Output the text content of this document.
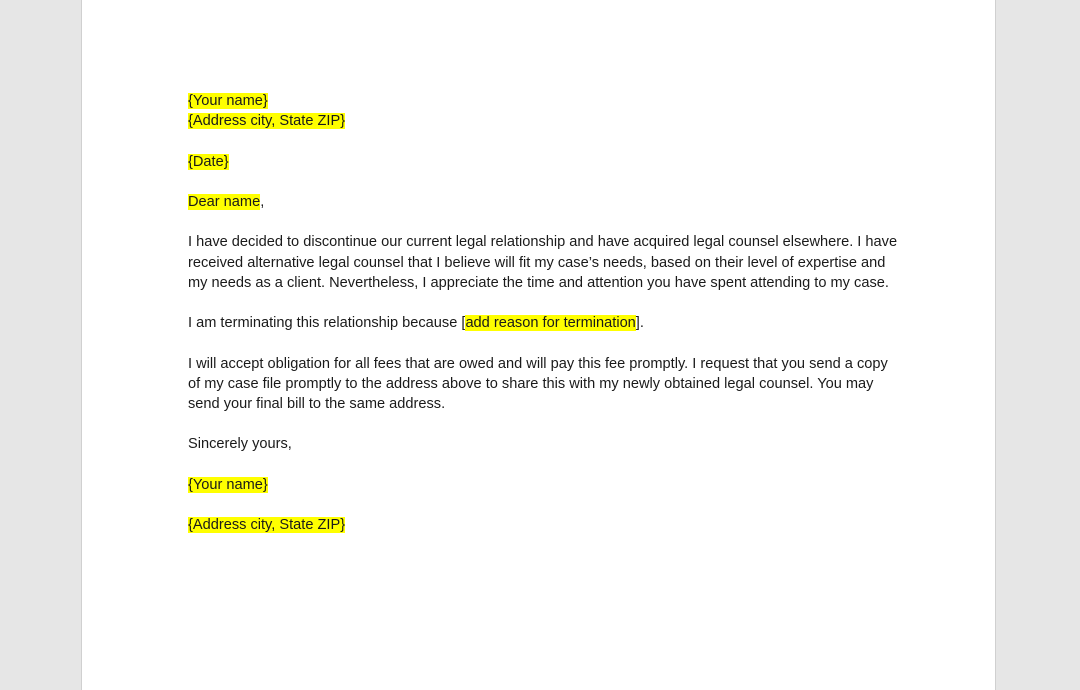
{Your name}

{Address city, State ZIP}

{Date}

Dear name,

I have decided to discontinue our current legal relationship and have acquired legal counsel elsewhere. I have received alternative legal counsel that I believe will fit my case’s needs, based on their level of expertise and my needs as a client. Nevertheless, I appreciate the time and attention you have spent attending to my case.

I am terminating this relationship because [add reason for termination].

I will accept obligation for all fees that are owed and will pay this fee promptly. I request that you send a copy of my case file promptly to the address above to share this with my newly obtained legal counsel. You may send your final bill to the same address.

Sincerely yours,

{Your name}

{Address city, State ZIP}
